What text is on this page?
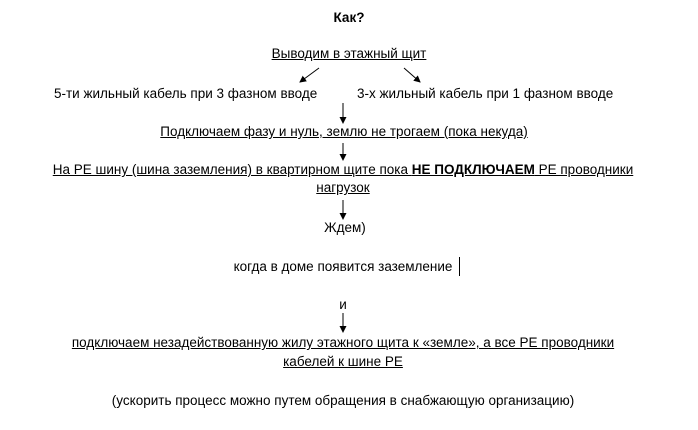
Как?
Выводим в этажный щит
5-ти жильный кабель при 3 фазном вводе	3-х жильный кабель при 1 фазном вводе
Подключаем фазу и нуль, землю не трогаем (пока некуда)
На PE шину (шина заземления) в квартирном щите пока НЕ ПОДКЛЮЧАЕМ PE проводники
нагрузок
Ждем)
когда в доме появится заземление
и
подключаем незадействованную жилу этажного щита к «земле», а все PE проводники
кабелей к шине PE
(ускорить процесс можно путем обращения в снабжающую организацию)
